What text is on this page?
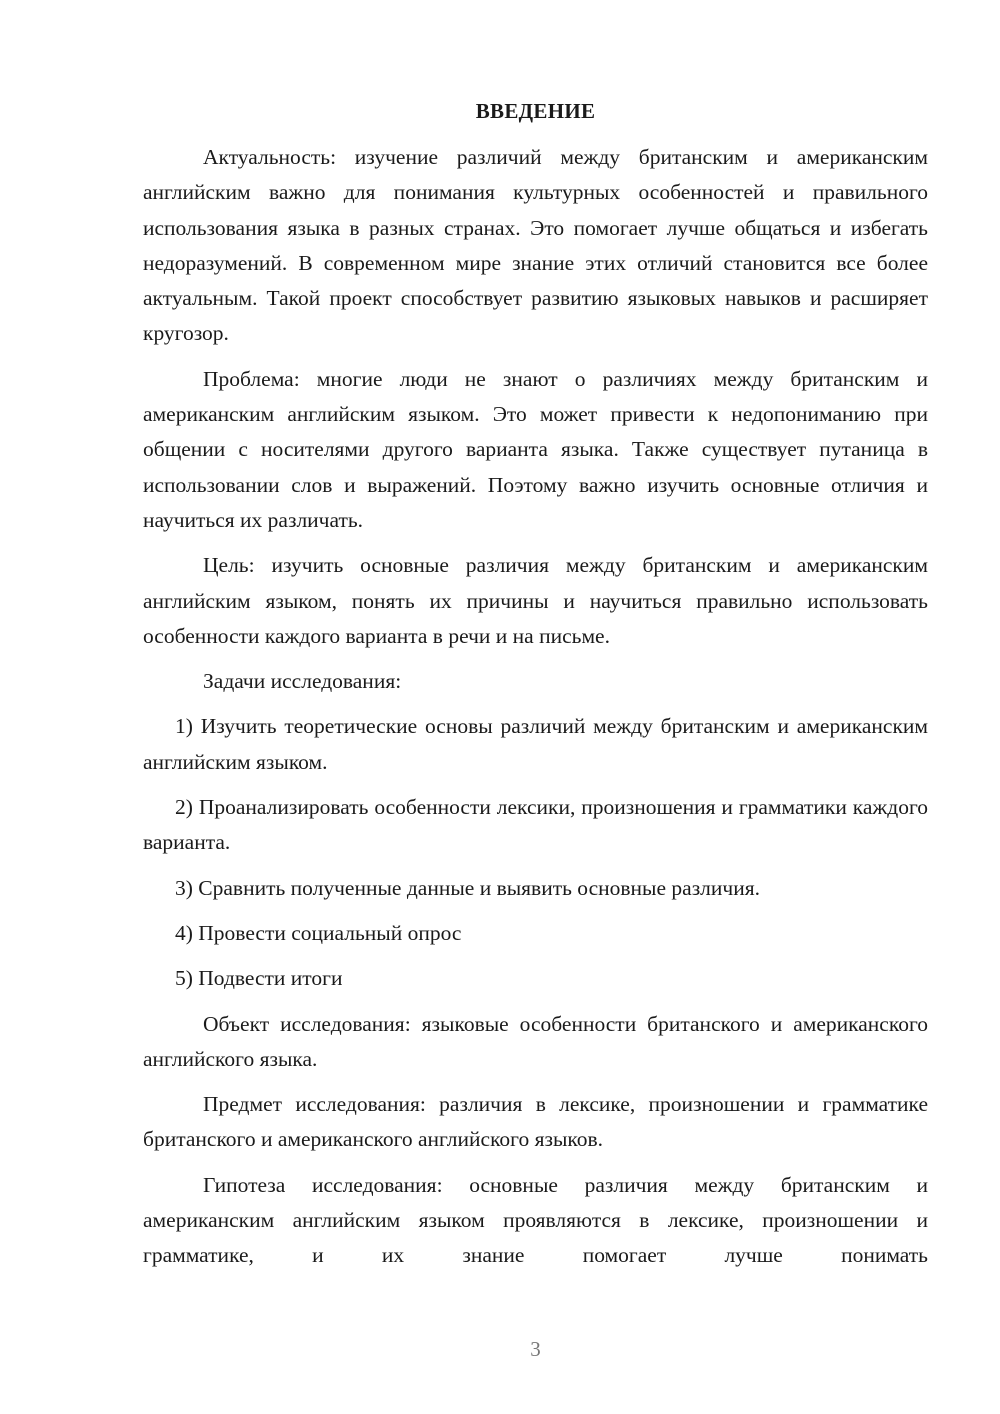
ВВЕДЕНИЕ

Актуальность: изучение различий между британским и американским английским важно для понимания культурных особенностей и правильного использования языка в разных странах. Это помогает лучше общаться и избегать недоразумений. В современном мире знание этих отличий становится все более актуальным. Такой проект способствует развитию языковых навыков и расширяет кругозор.

Проблема: многие люди не знают о различиях между британским и американским английским языком. Это может привести к недопониманию при общении с носителями другого варианта языка. Также существует путаница в использовании слов и выражений. Поэтому важно изучить основные отличия и научиться их различать.

Цель: изучить основные различия между британским и американским английским языком, понять их причины и научиться правильно использовать особенности каждого варианта в речи и на письме.

Задачи исследования:

1) Изучить теоретические основы различий между британским и американским английским языком.

2) Проанализировать особенности лексики, произношения и грамматики каждого варианта.

3) Сравнить полученные данные и выявить основные различия.

4) Провести социальный опрос

5) Подвести итоги

Объект исследования: языковые особенности британского и американского английского языка.

Предмет исследования: различия в лексике, произношении и грамматике британского и американского английского языков.

Гипотеза исследования: основные различия между британским и американским английским языком проявляются в лексике, произношении и грамматике, и их знание помогает лучше понимать

3
